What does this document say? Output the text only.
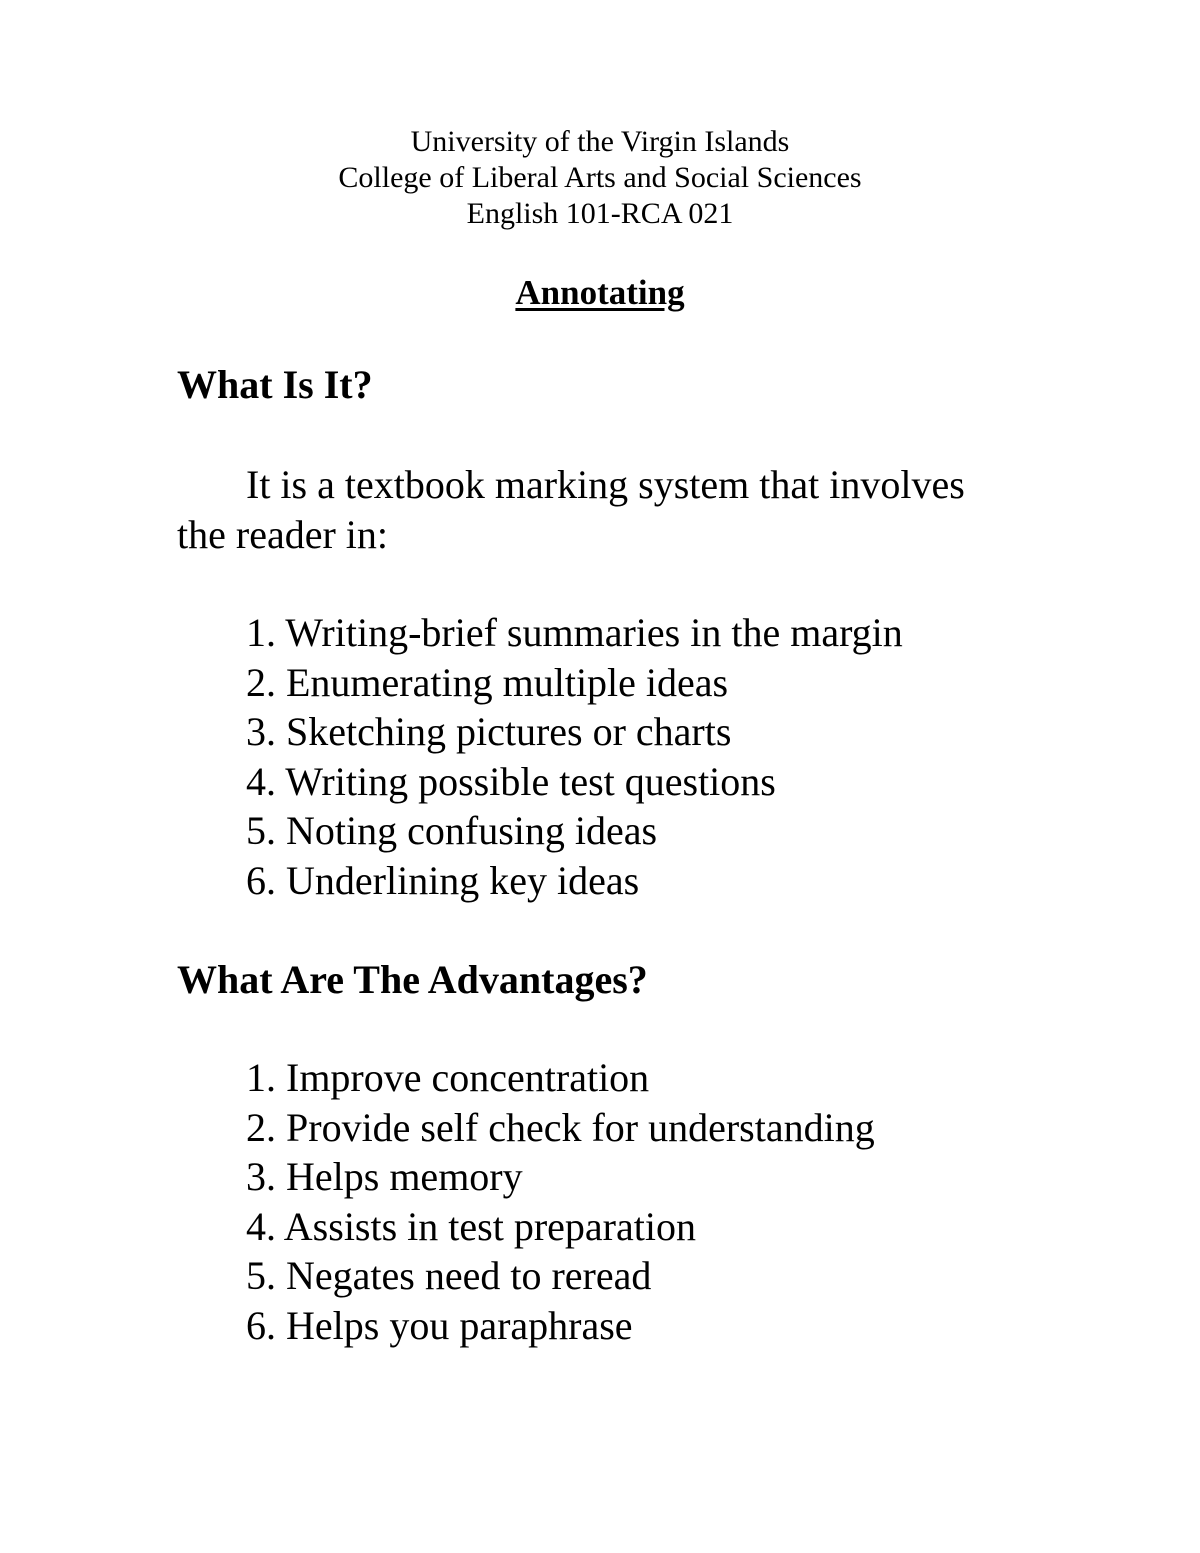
University of the Virgin Islands
College of Liberal Arts and Social Sciences
English 101-RCA 021
Annotating
What Is It?
It is a textbook marking system that involves
the reader in:
1. Writing-brief summaries in the margin
2. Enumerating multiple ideas
3. Sketching pictures or charts
4. Writing possible test questions
5. Noting confusing ideas
6. Underlining key ideas
What Are The Advantages?
1. Improve concentration
2. Provide self check for understanding
3. Helps memory
4. Assists in test preparation
5. Negates need to reread
6. Helps you paraphrase
